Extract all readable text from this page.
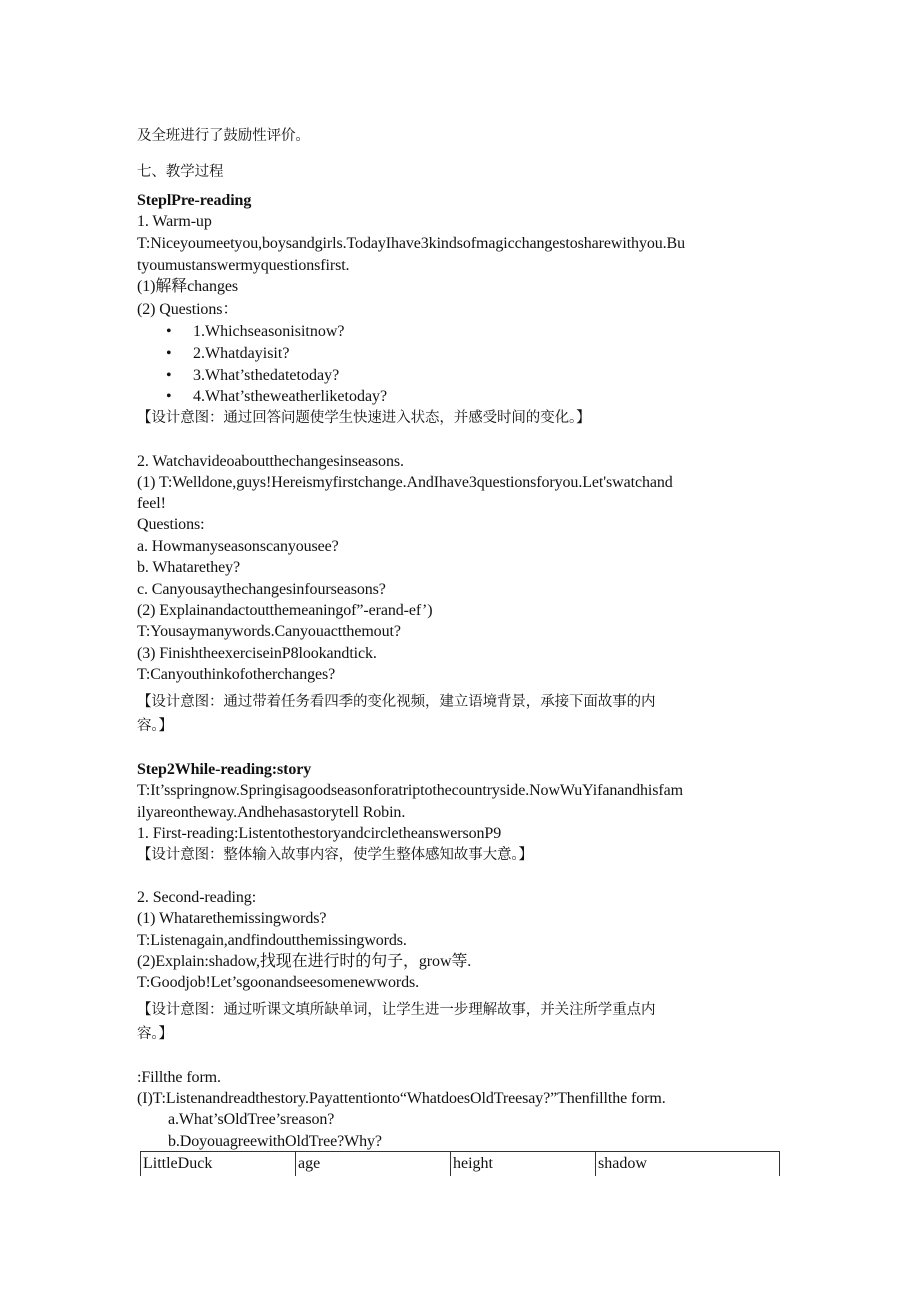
及全班进行了鼓励性评价。
七、教学过程
SteplPre-reading
1. Warm-up
T:Niceyoumeetyou,boysandgirls.TodayIhave3kindsofmagicchangestosharewithyou.Bu
tyoumustanswermyquestionsfirst.
(1)解释changes
(2) Questions：
• 1.Whichseasonisitnow?
• 2.Whatdayisit?
• 3.What’sthedatetoday?
• 4.What’stheweatherliketoday?
【设计意图：通过回答问题使学生快速进入状态，并感受时间的变化。】
2. Watchavideoaboutthechangesinseasons.
(1) T:Welldone,guys!Hereismyfirstchange.AndIhave3questionsforyou.Let'swatchand
feel!
Questions:
a. Howmanyseasonscanyousee?
b. Whatarethey?
c. Canyousaythechangesinfourseasons?
(2) Explainandactoutthemeaningof”-erand-ef’)
T:Yousaymanywords.Canyouactthemout?
(3) FinishtheexerciseinP8lookandtick.
T:Canyouthinkofotherchanges?
【设计意图：通过带着任务看四季的变化视频，建立语境背景，承接下面故事的内
容。】
Step2While-reading:story
T:It’sspringnow.Springisagoodseasonforatriptothecountryside.NowWuYifanandhisfam
ilyareontheway.Andhehasastorytell Robin.
1. First-reading:ListentothestoryandcircletheanswersonP9
【设计意图：整体输入故事内容，使学生整体感知故事大意。】
2. Second-reading:
(1) Whatarethemissingwords?
T:Listenagain,andfindoutthemissingwords.
(2)Explain:shadow,找现在进行时的句子，grow等.
T:Goodjob!Let’sgoonandseesomenewwords.
【设计意图：通过听课文填所缺单词，让学生进一步理解故事，并关注所学重点内
容。】
:Fillthe form.
(I)T:Listenandreadthestory.Payattentionto“WhatdoesOldTreesay?”Thenfillthe form.
a.What’sOldTree’sreason?
b.DoyouagreewithOldTree?Why?
LittleDuck	age	height	shadow
